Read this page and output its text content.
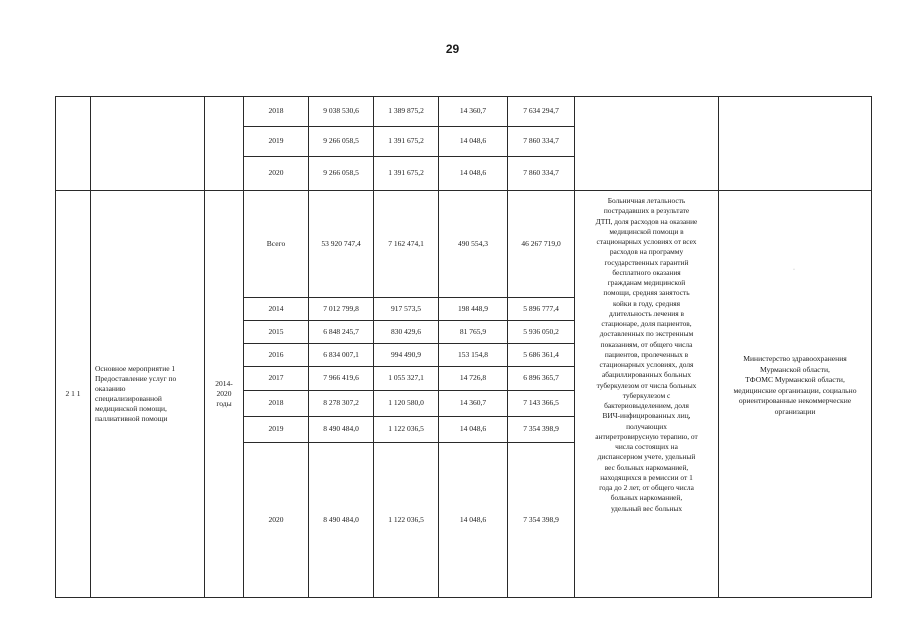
29
2018	9 038 530,6	1 389 875,2	14 360,7	7 634 294,7
2019	9 266 058,5	1 391 675,2	14 048,6	7 860 334,7
2020	9 266 058,5	1 391 675,2	14 048,6	7 860 334,7
2 1 1
Основное мероприятие 1
Предоставление услуг по
оказанию
специализированной
медицинской помощи,
паллиативной помощи
2014-
2020
годы
Всего	53 920 747,4	7 162 474,1	490 554,3	46 267 719,0
2014	7 012 799,8	917 573,5	198 448,9	5 896 777,4
2015	6 848 245,7	830 429,6	81 765,9	5 936 050,2
2016	6 834 007,1	994 490,9	153 154,8	5 686 361,4
2017	7 966 419,6	1 055 327,1	14 726,8	6 896 365,7
2018	8 278 307,2	1 120 580,0	14 360,7	7 143 366,5
2019	8 490 484,0	1 122 036,5	14 048,6	7 354 398,9
2020	8 490 484,0	1 122 036,5	14 048,6	7 354 398,9
Больничная летальность
пострадавших в результате
ДТП, доля расходов на оказание
медицинской помощи в
стационарных условиях от всех
расходов на программу
государственных гарантий
бесплатного оказания
гражданам медицинской
помощи, средняя занятость
койки в году, средняя
длительность лечения в
стационаре, доля пациентов,
доставленных по экстренным
показаниям, от общего числа
пациентов, пролеченных в
стационарных условиях, доля
абациллированных больных
туберкулезом от числа больных
туберкулезом с
бактериовыделением, доля
ВИЧ-инфицированных лиц,
получающих
антиретровирусную терапию, от
числа состоящих на
диспансерном учете, удельный
вес больных наркоманией,
находящихся в ремиссии от 1
года до 2 лет, от общего числа
больных наркоманией,
удельный вес больных
Министерство здравоохранения
Мурманской области,
ТФОМС Мурманской области,
медицинские организации, социально
ориентированные некоммерческие
организации
·
